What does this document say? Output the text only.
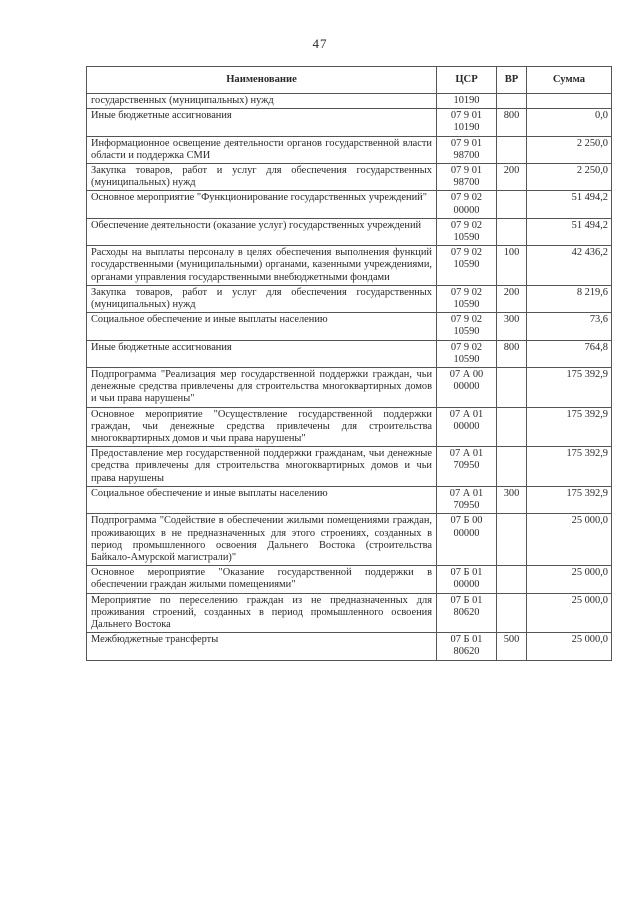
47
Наименование	ЦСР	ВР	Сумма
государственных (муниципальных) нужд	10190		
Иные бюджетные ассигнования	07 9 01 10190	800	0,0
Информационное освещение деятельности органов государственной власти области и поддержка СМИ	07 9 01 98700		2 250,0
Закупка товаров, работ и услуг для обеспечения государственных (муниципальных) нужд	07 9 01 98700	200	2 250,0
Основное мероприятие "Функционирование государственных учреждений"	07 9 02 00000		51 494,2
Обеспечение деятельности (оказание услуг) государственных учреждений	07 9 02 10590		51 494,2
Расходы на выплаты персоналу в целях обеспечения выполнения функций государственными (муниципальными) органами, казенными учреждениями, органами управления государственными внебюджетными фондами	07 9 02 10590	100	42 436,2
Закупка товаров, работ и услуг для обеспечения государственных (муниципальных) нужд	07 9 02 10590	200	8 219,6
Социальное обеспечение и иные выплаты населению	07 9 02 10590	300	73,6
Иные бюджетные ассигнования	07 9 02 10590	800	764,8
Подпрограмма "Реализация мер государственной поддержки граждан, чьи денежные средства привлечены для строительства многоквартирных домов и чьи права нарушены"	07 А 00 00000		175 392,9
Основное мероприятие "Осуществление государственной поддержки граждан, чьи денежные средства привлечены для строительства многоквартирных домов и чьи права нарушены"	07 А 01 00000		175 392,9
Предоставление мер государственной поддержки гражданам, чьи денежные средства привлечены для строительства многоквартирных домов и чьи права нарушены	07 А 01 70950		175 392,9
Социальное обеспечение и иные выплаты населению	07 А 01 70950	300	175 392,9
Подпрограмма "Содействие в обеспечении жилыми помещениями граждан, проживающих в не предназначенных для этого строениях, созданных в период промышленного освоения Дальнего Востока (строительства Байкало-Амурской магистрали)"	07 Б 00 00000		25 000,0
Основное мероприятие "Оказание государственной поддержки в обеспечении граждан жилыми помещениями"	07 Б 01 00000		25 000,0
Мероприятие по переселению граждан из не предназначенных для проживания строений, созданных в период промышленного освоения Дальнего Востока	07 Б 01 80620		25 000,0
Межбюджетные трансферты	07 Б 01 80620	500	25 000,0
